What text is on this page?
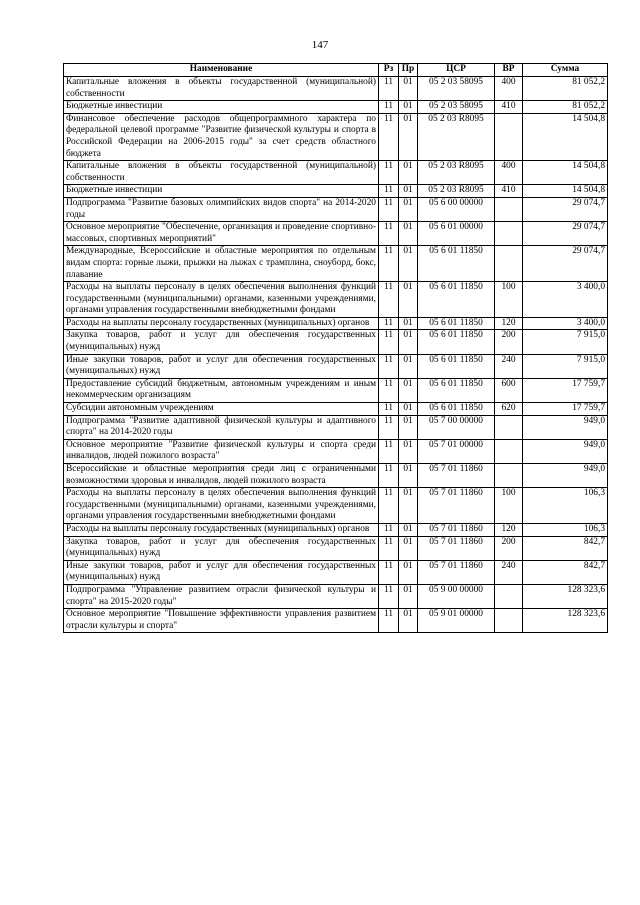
147
Наименование	Рз	Пр	ЦСР	ВР	Сумма
Капитальные вложения в объекты государственной (муниципальной) собственности	11	01	05 2 03 58095	400	81 052,2
Бюджетные инвестиции	11	01	05 2 03 58095	410	81 052,2
Финансовое обеспечение расходов общепрограммного характера по федеральной целевой программе "Развитие физической культуры и спорта в Российской Федерации на 2006-2015 годы" за счет средств областного бюджета	11	01	05 2 03 R8095		14 504,8
Капитальные вложения в объекты государственной (муниципальной) собственности	11	01	05 2 03 R8095	400	14 504,8
Бюджетные инвестиции	11	01	05 2 03 R8095	410	14 504,8
Подпрограмма "Развитие базовых олимпийских видов спорта" на 2014-2020 годы	11	01	05 6 00 00000		29 074,7
Основное мероприятие "Обеспечение, организация и проведение спортивно-массовых, спортивных мероприятий"	11	01	05 6 01 00000		29 074,7
Международные, Всероссийские и областные мероприятия по отдельным видам спорта: горные лыжи, прыжки на лыжах с трамплина, сноуборд, бокс, плавание	11	01	05 6 01 11850		29 074,7
Расходы на выплаты персоналу в целях обеспечения выполнения функций государственными (муниципальными) органами, казенными учреждениями, органами управления государственными внебюджетными фондами	11	01	05 6 01 11850	100	3 400,0
Расходы на выплаты персоналу государственных (муниципальных) органов	11	01	05 6 01 11850	120	3 400,0
Закупка товаров, работ и услуг для обеспечения государственных (муниципальных) нужд	11	01	05 6 01 11850	200	7 915,0
Иные закупки товаров, работ и услуг для обеспечения государственных (муниципальных) нужд	11	01	05 6 01 11850	240	7 915,0
Предоставление субсидий бюджетным, автономным учреждениям и иным некоммерческим организациям	11	01	05 6 01 11850	600	17 759,7
Субсидии автономным учреждениям	11	01	05 6 01 11850	620	17 759,7
Подпрограмма "Развитие адаптивной физической культуры и адаптивного спорта" на 2014-2020 годы	11	01	05 7 00 00000		949,0
Основное мероприятие "Развитие физической культуры и спорта среди инвалидов, людей пожилого возраста"	11	01	05 7 01 00000		949,0
Всероссийские и областные мероприятия среди лиц с ограниченными возможностями здоровья и инвалидов, людей пожилого возраста	11	01	05 7 01 11860		949,0
Расходы на выплаты персоналу в целях обеспечения выполнения функций государственными (муниципальными) органами, казенными учреждениями, органами управления государственными внебюджетными фондами	11	01	05 7 01 11860	100	106,3
Расходы на выплаты персоналу государственных (муниципальных) органов	11	01	05 7 01 11860	120	106,3
Закупка товаров, работ и услуг для обеспечения государственных (муниципальных) нужд	11	01	05 7 01 11860	200	842,7
Иные закупки товаров, работ и услуг для обеспечения государственных (муниципальных) нужд	11	01	05 7 01 11860	240	842,7
Подпрограмма "Управление развитием отрасли физической культуры и спорта" на 2015-2020 годы"	11	01	05 9 00 00000		128 323,6
Основное мероприятие "Повышение эффективности управления развитием отрасли культуры и спорта"	11	01	05 9 01 00000		128 323,6
